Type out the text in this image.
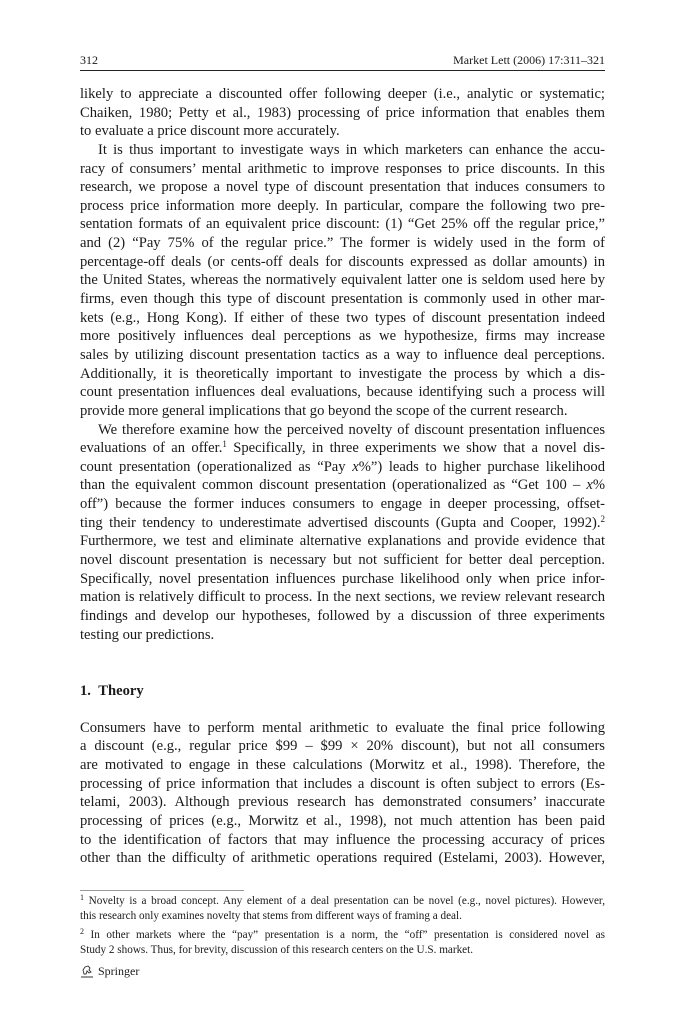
312	Market Lett (2006) 17:311–321
likely to appreciate a discounted offer following deeper (i.e., analytic or systematic;
Chaiken, 1980; Petty et al., 1983) processing of price information that enables them
to evaluate a price discount more accurately.
It is thus important to investigate ways in which marketers can enhance the accu-
racy of consumers’ mental arithmetic to improve responses to price discounts. In this
research, we propose a novel type of discount presentation that induces consumers to
process price information more deeply. In particular, compare the following two pre-
sentation formats of an equivalent price discount: (1) “Get 25% off the regular price,”
and (2) “Pay 75% of the regular price.” The former is widely used in the form of
percentage-off deals (or cents-off deals for discounts expressed as dollar amounts) in
the United States, whereas the normatively equivalent latter one is seldom used here by
firms, even though this type of discount presentation is commonly used in other mar-
kets (e.g., Hong Kong). If either of these two types of discount presentation indeed
more positively influences deal perceptions as we hypothesize, firms may increase
sales by utilizing discount presentation tactics as a way to influence deal perceptions.
Additionally, it is theoretically important to investigate the process by which a dis-
count presentation influences deal evaluations, because identifying such a process will
provide more general implications that go beyond the scope of the current research.
We therefore examine how the perceived novelty of discount presentation influences
evaluations of an offer.$^1$ Specifically, in three experiments we show that a novel dis-
count presentation (operationalized as “Pay x%”) leads to higher purchase likelihood
than the equivalent common discount presentation (operationalized as “Get 100 – x%
off”) because the former induces consumers to engage in deeper processing, offset-
ting their tendency to underestimate advertised discounts (Gupta and Cooper, 1992).$^2$
Furthermore, we test and eliminate alternative explanations and provide evidence that
novel discount presentation is necessary but not sufficient for better deal perception.
Specifically, novel presentation influences purchase likelihood only when price infor-
mation is relatively difficult to process. In the next sections, we review relevant research
findings and develop our hypotheses, followed by a discussion of three experiments
testing our predictions.
1. Theory
Consumers have to perform mental arithmetic to evaluate the final price following
a discount (e.g., regular price $99 – $99 × 20% discount), but not all consumers
are motivated to engage in these calculations (Morwitz et al., 1998). Therefore, the
processing of price information that includes a discount is often subject to errors (Es-
telami, 2003). Although previous research has demonstrated consumers’ inaccurate
processing of prices (e.g., Morwitz et al., 1998), not much attention has been paid
to the identification of factors that may influence the processing accuracy of prices
other than the difficulty of arithmetic operations required (Estelami, 2003). However,
$^1$ Novelty is a broad concept. Any element of a deal presentation can be novel (e.g., novel pictures). However,
this research only examines novelty that stems from different ways of framing a deal.
$^2$ In other markets where the “pay” presentation is a norm, the “off” presentation is considered novel as
Study 2 shows. Thus, for brevity, discussion of this research centers on the U.S. market.
Springer
